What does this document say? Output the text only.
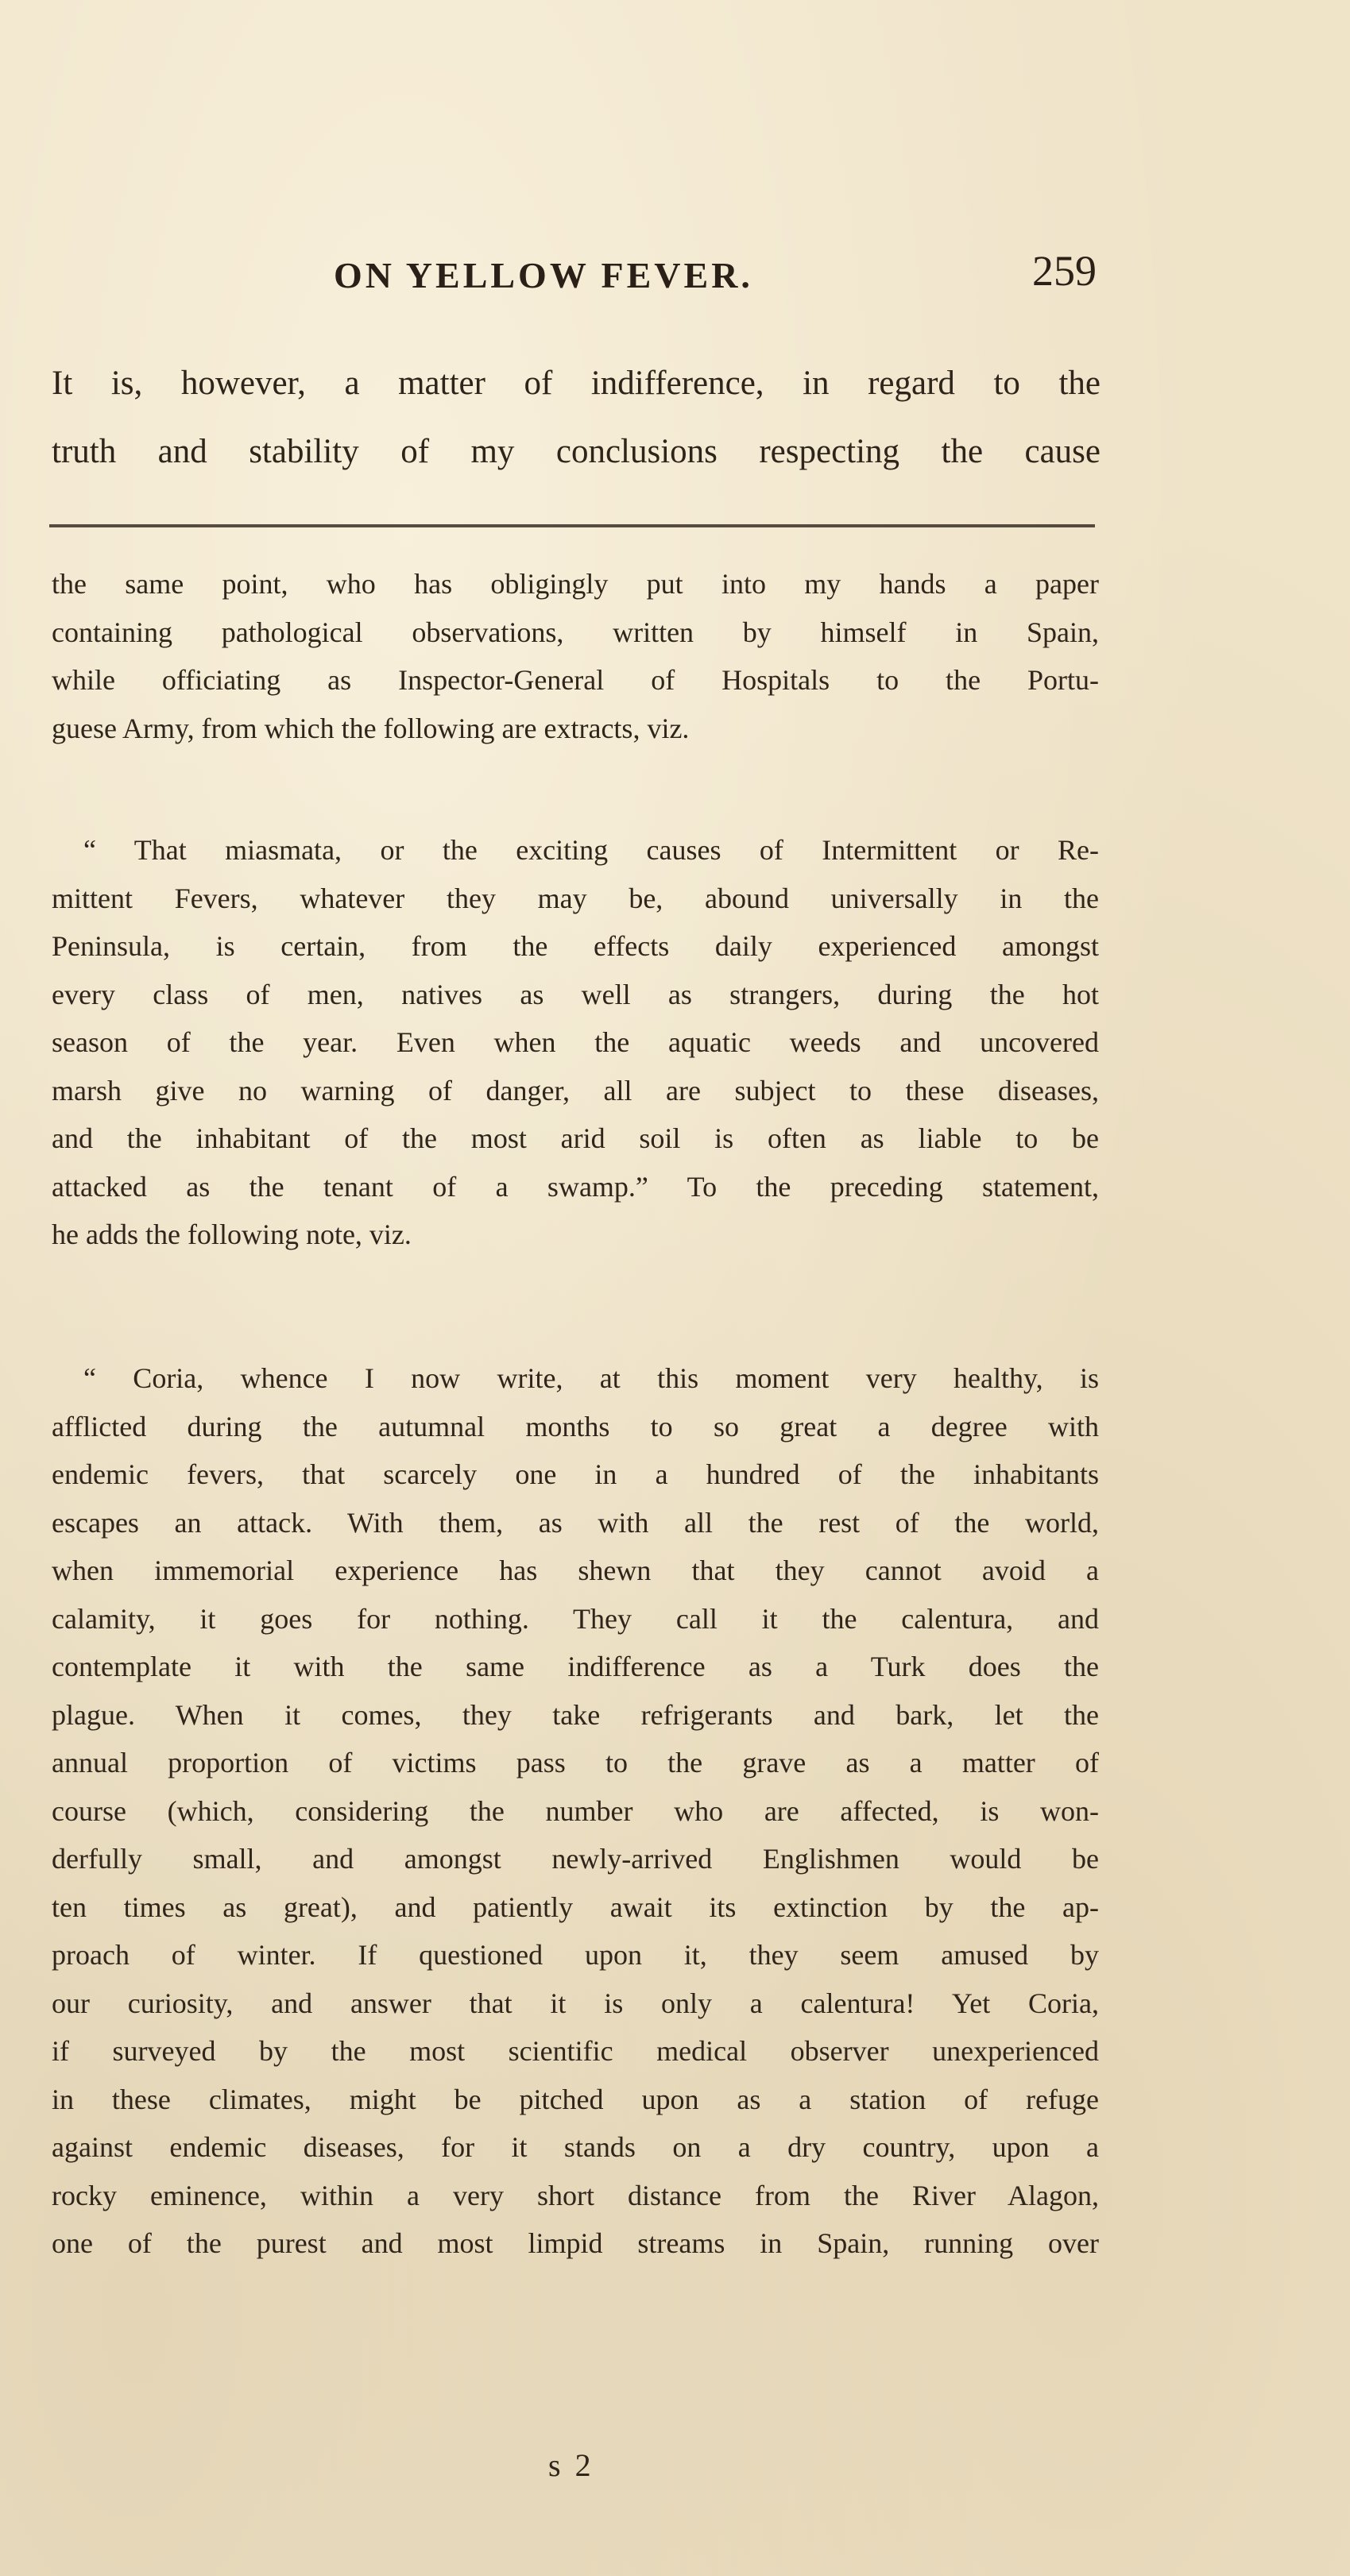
ON YELLOW FEVER.	259
It is, however, a matter of indifference, in regard to the
truth and stability of my conclusions respecting the cause
the same point, who has obligingly put into my hands a paper
containing pathological observations, written by himself in Spain,
while officiating as Inspector-General of Hospitals to the Portu-
guese Army, from which the following are extracts, viz.
“ That miasmata, or the exciting causes of Intermittent or Re-
mittent Fevers, whatever they may be, abound universally in the
Peninsula, is certain, from the effects daily experienced amongst
every class of men, natives as well as strangers, during the hot
season of the year. Even when the aquatic weeds and uncovered
marsh give no warning of danger, all are subject to these diseases,
and the inhabitant of the most arid soil is often as liable to be
attacked as the tenant of a swamp.” To the preceding statement,
he adds the following note, viz.
“ Coria, whence I now write, at this moment very healthy, is
afflicted during the autumnal months to so great a degree with
endemic fevers, that scarcely one in a hundred of the inhabitants
escapes an attack. With them, as with all the rest of the world,
when immemorial experience has shewn that they cannot avoid a
calamity, it goes for nothing. They call it the calentura, and
contemplate it with the same indifference as a Turk does the
plague. When it comes, they take refrigerants and bark, let the
annual proportion of victims pass to the grave as a matter of
course (which, considering the number who are affected, is won-
derfully small, and amongst newly-arrived Englishmen would be
ten times as great), and patiently await its extinction by the ap-
proach of winter. If questioned upon it, they seem amused by
our curiosity, and answer that it is only a calentura! Yet Coria,
if surveyed by the most scientific medical observer unexperienced
in these climates, might be pitched upon as a station of refuge
against endemic diseases, for it stands on a dry country, upon a
rocky eminence, within a very short distance from the River Alagon,
one of the purest and most limpid streams in Spain, running over
s 2
